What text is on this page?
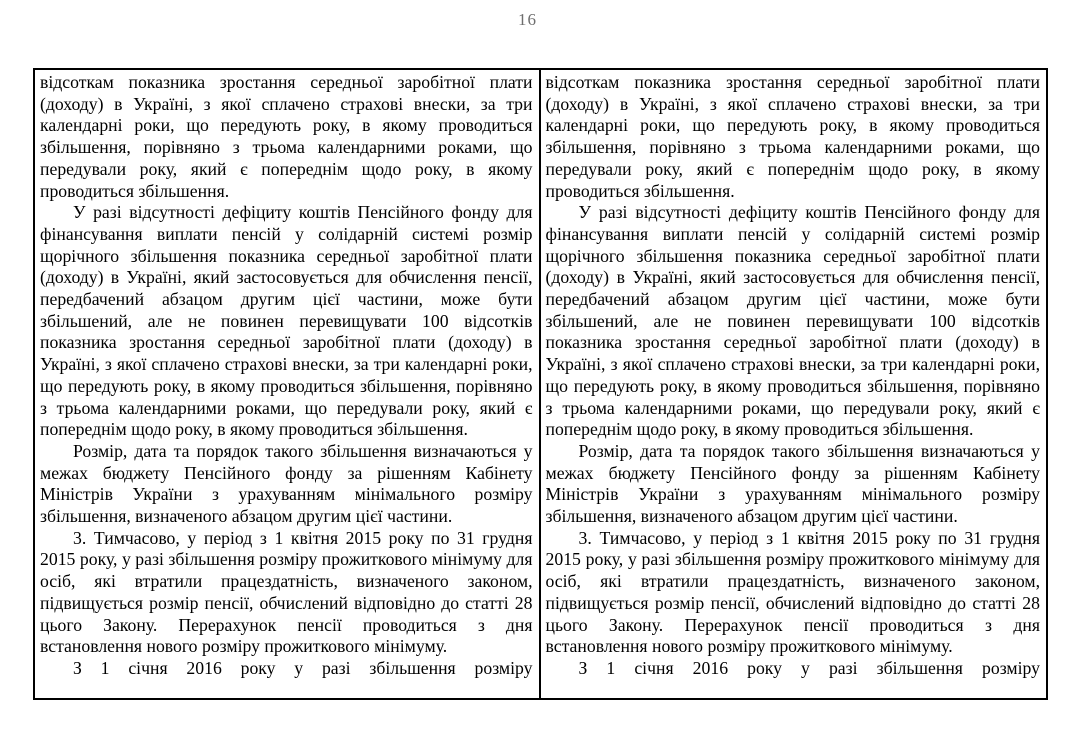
16

відсоткам показника зростання середньої заробітної плати (доходу) в Україні, з якої сплачено страхові внески, за три календарні роки, що передують року, в якому проводиться збільшення, порівняно з трьома календарними роками, що передували року, який є попереднім щодо року, в якому проводиться збільшення.

У разі відсутності дефіциту коштів Пенсійного фонду для фінансування виплати пенсій у солідарній системі розмір щорічного збільшення показника середньої заробітної плати (доходу) в Україні, який застосовується для обчислення пенсії, передбачений абзацом другим цієї частини, може бути збільшений, але не повинен перевищувати 100 відсотків показника зростання середньої заробітної плати (доходу) в Україні, з якої сплачено страхові внески, за три календарні роки, що передують року, в якому проводиться збільшення, порівняно з трьома календарними роками, що передували року, який є попереднім щодо року, в якому проводиться збільшення.

Розмір, дата та порядок такого збільшення визначаються у межах бюджету Пенсійного фонду за рішенням Кабінету Міністрів України з урахуванням мінімального розміру збільшення, визначеного абзацом другим цієї частини.

3. Тимчасово, у період з 1 квітня 2015 року по 31 грудня 2015 року, у разі збільшення розміру прожиткового мінімуму для осіб, які втратили працездатність, визначеного законом, підвищується розмір пенсії, обчислений відповідно до статті 28 цього Закону. Перерахунок пенсії проводиться з дня встановлення нового розміру прожиткового мінімуму.

З 1 січня 2016 року у разі збільшення розміру

відсоткам показника зростання середньої заробітної плати (доходу) в Україні, з якої сплачено страхові внески, за три календарні роки, що передують року, в якому проводиться збільшення, порівняно з трьома календарними роками, що передували року, який є попереднім щодо року, в якому проводиться збільшення.

У разі відсутності дефіциту коштів Пенсійного фонду для фінансування виплати пенсій у солідарній системі розмір щорічного збільшення показника середньої заробітної плати (доходу) в Україні, який застосовується для обчислення пенсії, передбачений абзацом другим цієї частини, може бути збільшений, але не повинен перевищувати 100 відсотків показника зростання середньої заробітної плати (доходу) в Україні, з якої сплачено страхові внески, за три календарні роки, що передують року, в якому проводиться збільшення, порівняно з трьома календарними роками, що передували року, який є попереднім щодо року, в якому проводиться збільшення.

Розмір, дата та порядок такого збільшення визначаються у межах бюджету Пенсійного фонду за рішенням Кабінету Міністрів України з урахуванням мінімального розміру збільшення, визначеного абзацом другим цієї частини.

3. Тимчасово, у період з 1 квітня 2015 року по 31 грудня 2015 року, у разі збільшення розміру прожиткового мінімуму для осіб, які втратили працездатність, визначеного законом, підвищується розмір пенсії, обчислений відповідно до статті 28 цього Закону. Перерахунок пенсії проводиться з дня встановлення нового розміру прожиткового мінімуму.

З 1 січня 2016 року у разі збільшення розміру
